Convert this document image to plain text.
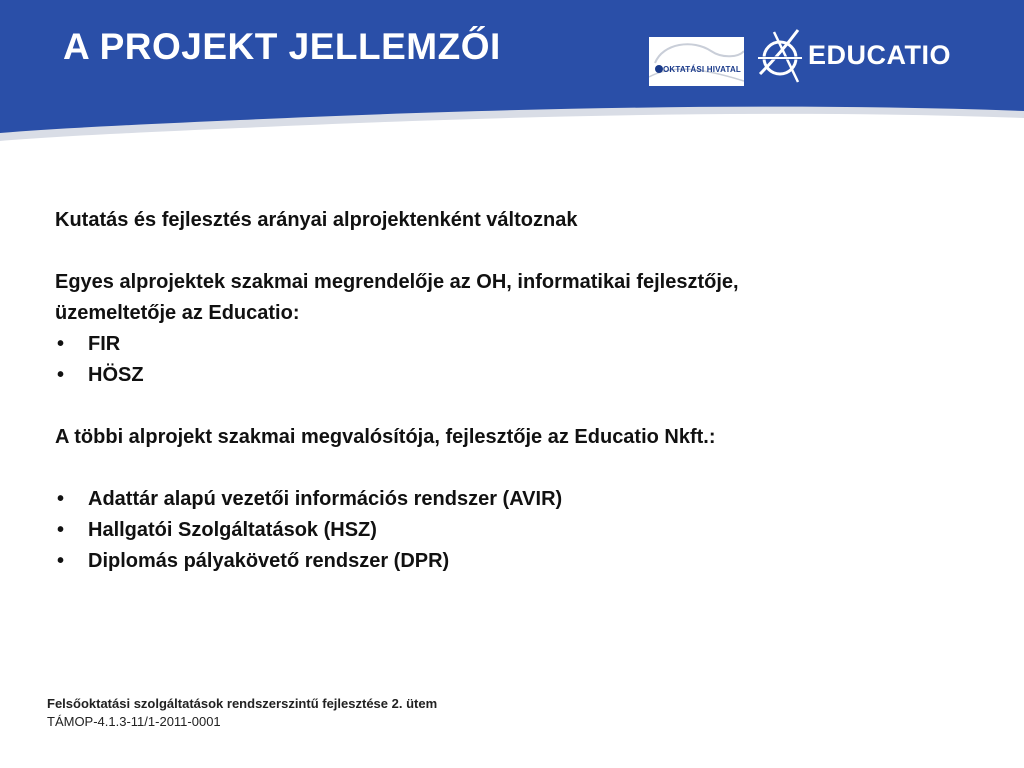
A PROJEKT JELLEMZŐI
OKTATÁSI HIVATAL EDUCATIO
Kutatás és fejlesztés arányai alprojektenként változnak
Egyes alprojektek szakmai megrendelője az OH, informatikai fejlesztője,
üzemeltetője az Educatio:
• FIR
• HÖSZ
A többi alprojekt szakmai megvalósítója, fejlesztője az Educatio Nkft.:
• Adattár alapú vezetői információs rendszer (AVIR)
• Hallgatói Szolgáltatások (HSZ)
• Diplomás pályakövető rendszer (DPR)
Felsőoktatási szolgáltatások rendszerszintű fejlesztése 2. ütem
TÁMOP-4.1.3-11/1-2011-0001
